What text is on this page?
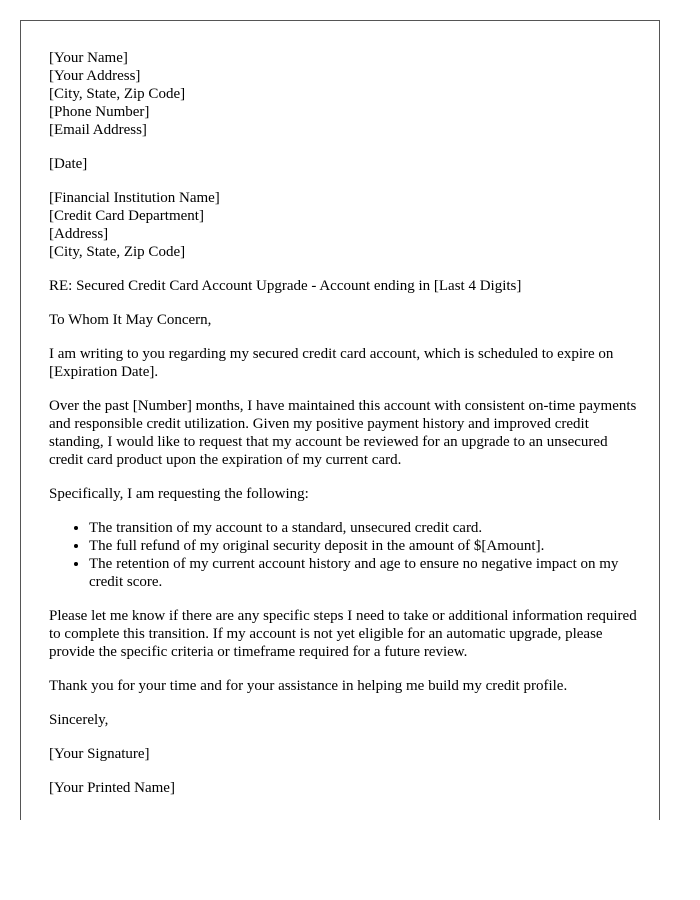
[Your Name]
[Your Address]
[City, State, Zip Code]
[Phone Number]
[Email Address]
[Date]
[Financial Institution Name]
[Credit Card Department]
[Address]
[City, State, Zip Code]

RE: Secured Credit Card Account Upgrade - Account ending in [Last 4 Digits]

To Whom It May Concern,

I am writing to you regarding my secured credit card account, which is scheduled to expire on [Expiration Date].

Over the past [Number] months, I have maintained this account with consistent on-time payments and responsible credit utilization. Given my positive payment history and improved credit standing, I would like to request that my account be reviewed for an upgrade to an unsecured credit card product upon the expiration of my current card.

Specifically, I am requesting the following:

• The transition of my account to a standard, unsecured credit card.
• The full refund of my original security deposit in the amount of $[Amount].
• The retention of my current account history and age to ensure no negative impact on my credit score.

Please let me know if there are any specific steps I need to take or additional information required to complete this transition. If my account is not yet eligible for an automatic upgrade, please provide the specific criteria or timeframe required for a future review.

Thank you for your time and for your assistance in helping me build my credit profile.

Sincerely,

[Your Signature]

[Your Printed Name]
